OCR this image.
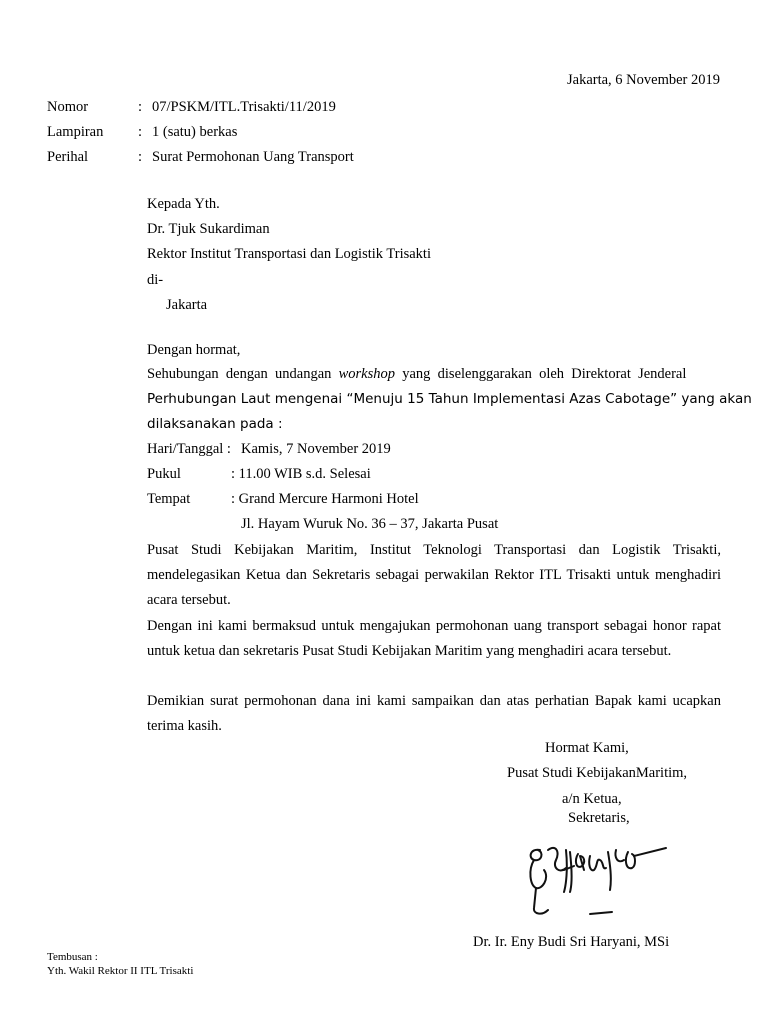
Jakarta, 6 November 2019
Nomor	: 07/PSKM/ITL.Trisakti/11/2019
Lampiran : 1 (satu) berkas
Perihal	: Surat Permohonan Uang Transport
Kepada Yth.
Dr. Tjuk Sukardiman
Rektor Institut Transportasi dan Logistik Trisakti
di-
Jakarta
Dengan hormat,
Sehubungan dengan undangan workshop yang diselenggarakan oleh Direktorat Jenderal
Perhubungan Laut mengenai “Menuju 15 Tahun Implementasi Azas Cabotage” yang akan
dilaksanakan pada :
Hari/Tanggal : Kamis, 7 November 2019
Pukul	: 11.00 WIB s.d. Selesai
Tempat	: Grand Mercure Harmoni Hotel
Jl. Hayam Wuruk No. 36 – 37, Jakarta Pusat
Pusat Studi Kebijakan Maritim, Institut Teknologi Transportasi dan Logistik Trisakti, mendelegasikan Ketua dan Sekretaris sebagai perwakilan Rektor ITL Trisakti untuk menghadiri acara tersebut.
Dengan ini kami bermaksud untuk mengajukan permohonan uang transport sebagai honor rapat untuk ketua dan sekretaris Pusat Studi Kebijakan Maritim yang menghadiri acara tersebut.
Demikian surat permohonan dana ini kami sampaikan dan atas perhatian Bapak kami ucapkan terima kasih.
Hormat Kami,
Pusat Studi KebijakanMaritim,
a/n Ketua,
Sekretaris,
Dr. Ir. Eny Budi Sri Haryani, MSi
Tembusan :
Yth. Wakil Rektor II ITL Trisakti
